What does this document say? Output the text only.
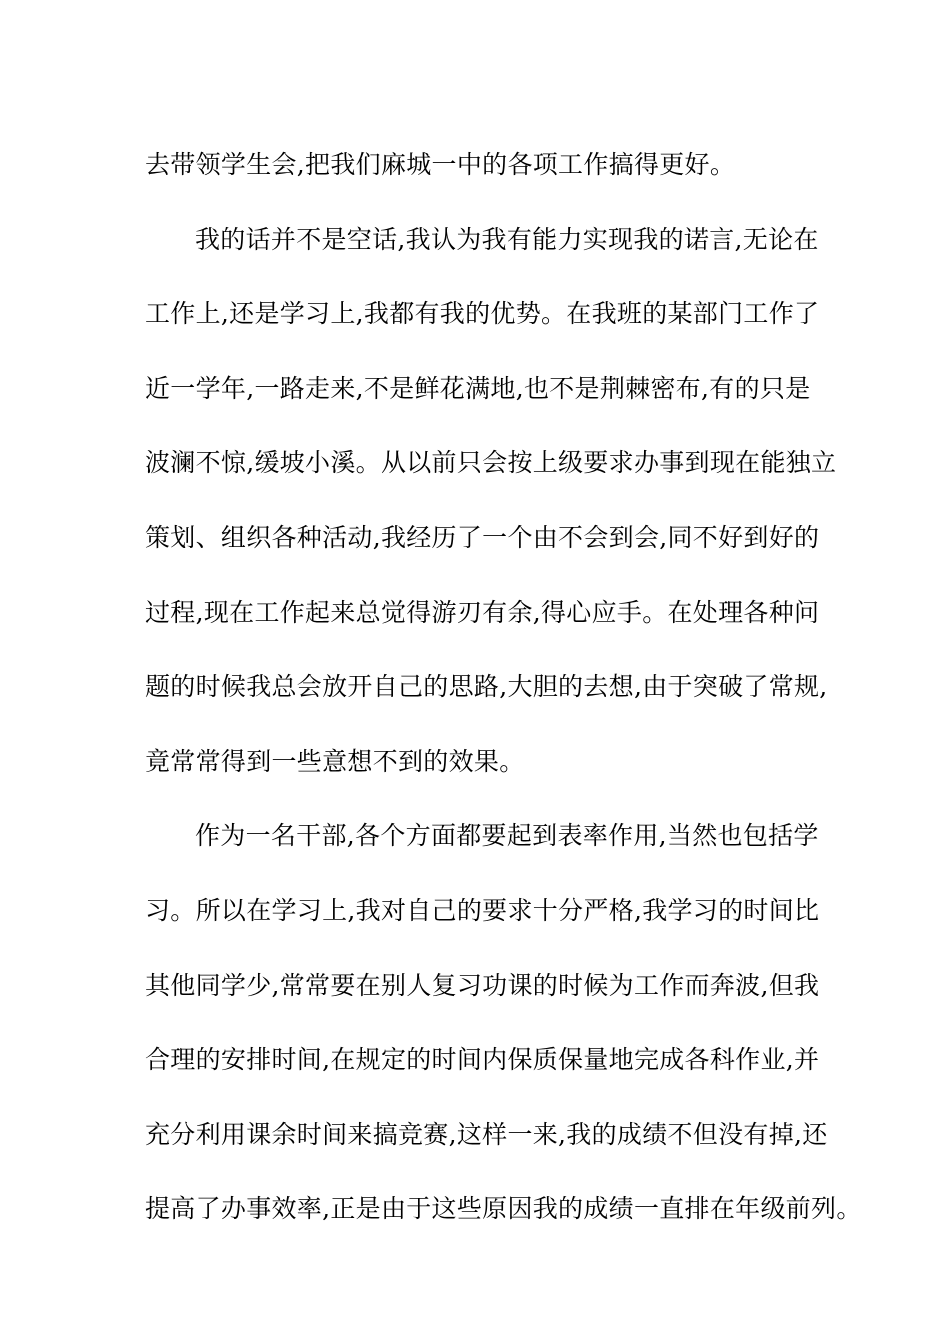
去带领学生会,把我们麻城一中的各项工作搞得更好。
我的话并不是空话,我认为我有能力实现我的诺言,无论在
工作上,还是学习上,我都有我的优势。在我班的某部门工作了
近一学年,一路走来,不是鲜花满地,也不是荆棘密布,有的只是
波澜不惊,缓坡小溪。从以前只会按上级要求办事到现在能独立
策划、组织各种活动,我经历了一个由不会到会,同不好到好的
过程,现在工作起来总觉得游刃有余,得心应手。在处理各种问
题的时候我总会放开自己的思路,大胆的去想,由于突破了常规,
竟常常得到一些意想不到的效果。
作为一名干部,各个方面都要起到表率作用,当然也包括学
习。所以在学习上,我对自己的要求十分严格,我学习的时间比
其他同学少,常常要在别人复习功课的时候为工作而奔波,但我
合理的安排时间,在规定的时间内保质保量地完成各科作业,并
充分利用课余时间来搞竞赛,这样一来,我的成绩不但没有掉,还
提高了办事效率,正是由于这些原因我的成绩一直排在年级前列。
